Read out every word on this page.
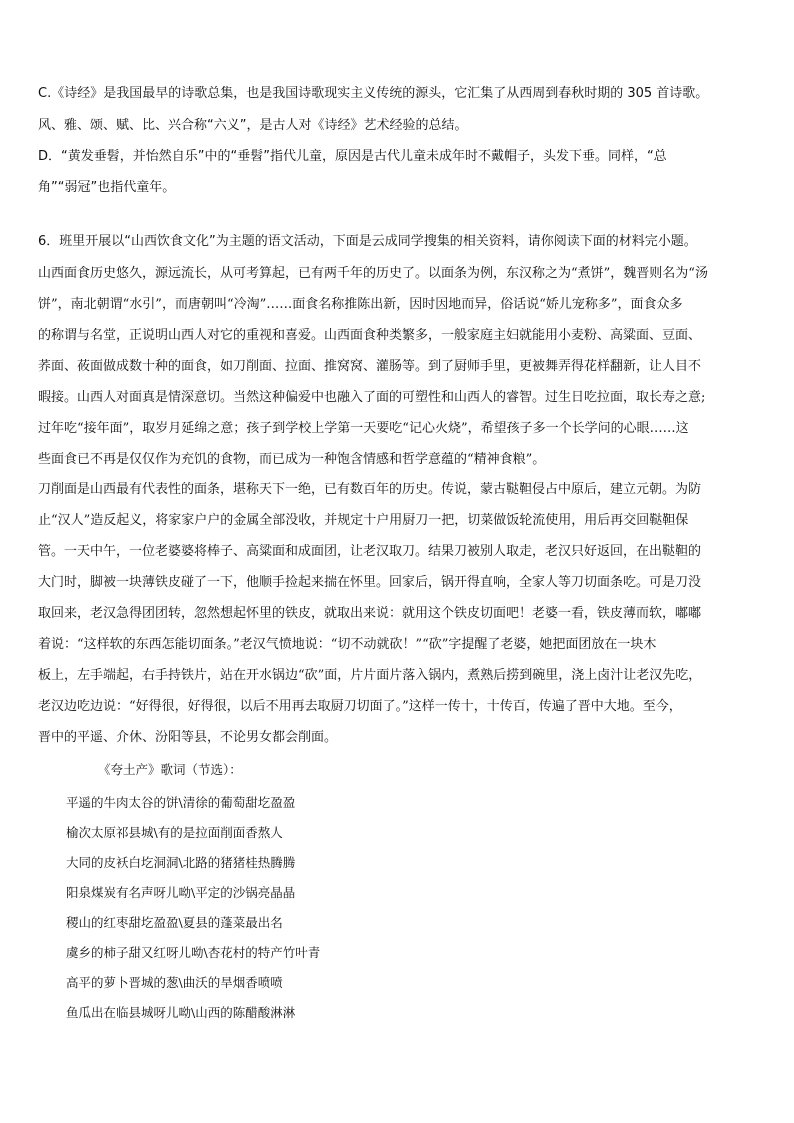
C.《诗经》是我国最早的诗歌总集，也是我国诗歌现实主义传统的源头，它汇集了从西周到春秋时期的 305 首诗歌。
风、雅、颂、赋、比、兴合称“六义”，是古人对《诗经》艺术经验的总结。
D．“黄发垂髫，并怡然自乐”中的“垂髫”指代儿童，原因是古代儿童未成年时不戴帽子，头发下垂。同样，“总
角”“弱冠”也指代童年。
6．班里开展以“山西饮食文化”为主题的语文活动，下面是云成同学搜集的相关资料，请你阅读下面的材料完小题。
山西面食历史悠久，源远流长，从可考算起，已有两千年的历史了。以面条为例，东汉称之为“煮饼”，魏晋则名为“汤
饼”，南北朝谓“水引”，而唐朝叫“冷淘”……面食名称推陈出新，因时因地而异，俗话说“娇儿宠称多”，面食众多
的称谓与名堂，正说明山西人对它的重视和喜爱。山西面食种类繁多，一般家庭主妇就能用小麦粉、高粱面、豆面、
荞面、莜面做成数十种的面食，如刀削面、拉面、推窝窝、灌肠等。到了厨师手里，更被舞弄得花样翻新，让人目不
暇接。山西人对面真是情深意切。当然这种偏爱中也融入了面的可塑性和山西人的睿智。过生日吃拉面，取长寿之意;
过年吃“接年面”，取岁月延绵之意；孩子到学校上学第一天要吃“记心火烧”，希望孩子多一个长学问的心眼……这
些面食已不再是仅仅作为充饥的食物，而已成为一种饱含情感和哲学意蕴的“精神食粮”。
刀削面是山西最有代表性的面条，堪称天下一绝，已有数百年的历史。传说，蒙古鞑靼侵占中原后，建立元朝。为防
止“汉人”造反起义，将家家户户的金属全部没收，并规定十户用厨刀一把，切菜做饭轮流使用，用后再交回鞑靼保
管。一天中午，一位老婆婆将棒子、高粱面和成面团，让老汉取刀。结果刀被别人取走，老汉只好返回，在出鞑靼的
大门时，脚被一块薄铁皮碰了一下，他顺手捡起来揣在怀里。回家后，锅开得直响，全家人等刀切面条吃。可是刀没
取回来，老汉急得团团转，忽然想起怀里的铁皮，就取出来说：就用这个铁皮切面吧！老婆一看，铁皮薄而软，嘟嘟
着说：“这样软的东西怎能切面条。”老汉气愤地说：“切不动就砍！”“砍”字提醒了老婆，她把面团放在一块木
板上，左手端起，右手持铁片，站在开水锅边“砍”面，片片面片落入锅内，煮熟后捞到碗里，浇上卤汁让老汉先吃，
老汉边吃边说：“好得很，好得很，以后不用再去取厨刀切面了。”这样一传十，十传百，传遍了晋中大地。至今，
晋中的平遥、介休、汾阳等县，不论男女都会削面。
《夸土产》歌词（节选）：
平遥的牛肉太谷的饼\清徐的葡萄甜圪盈盈
榆次太原祁县城\有的是拉面削面香熬人
大同的皮袄白圪洞洞\北路的猪猪桂热腾腾
阳泉煤炭有名声呀儿呦\平定的沙锅亮晶晶
稷山的红枣甜圪盈盈\夏县的蓬菜最出名
虞乡的柿子甜又红呀儿呦\杏花村的特产竹叶青
高平的萝卜晋城的葱\曲沃的旱烟香喷喷
鱼瓜出在临县城呀儿呦\山西的陈醋酸淋淋
